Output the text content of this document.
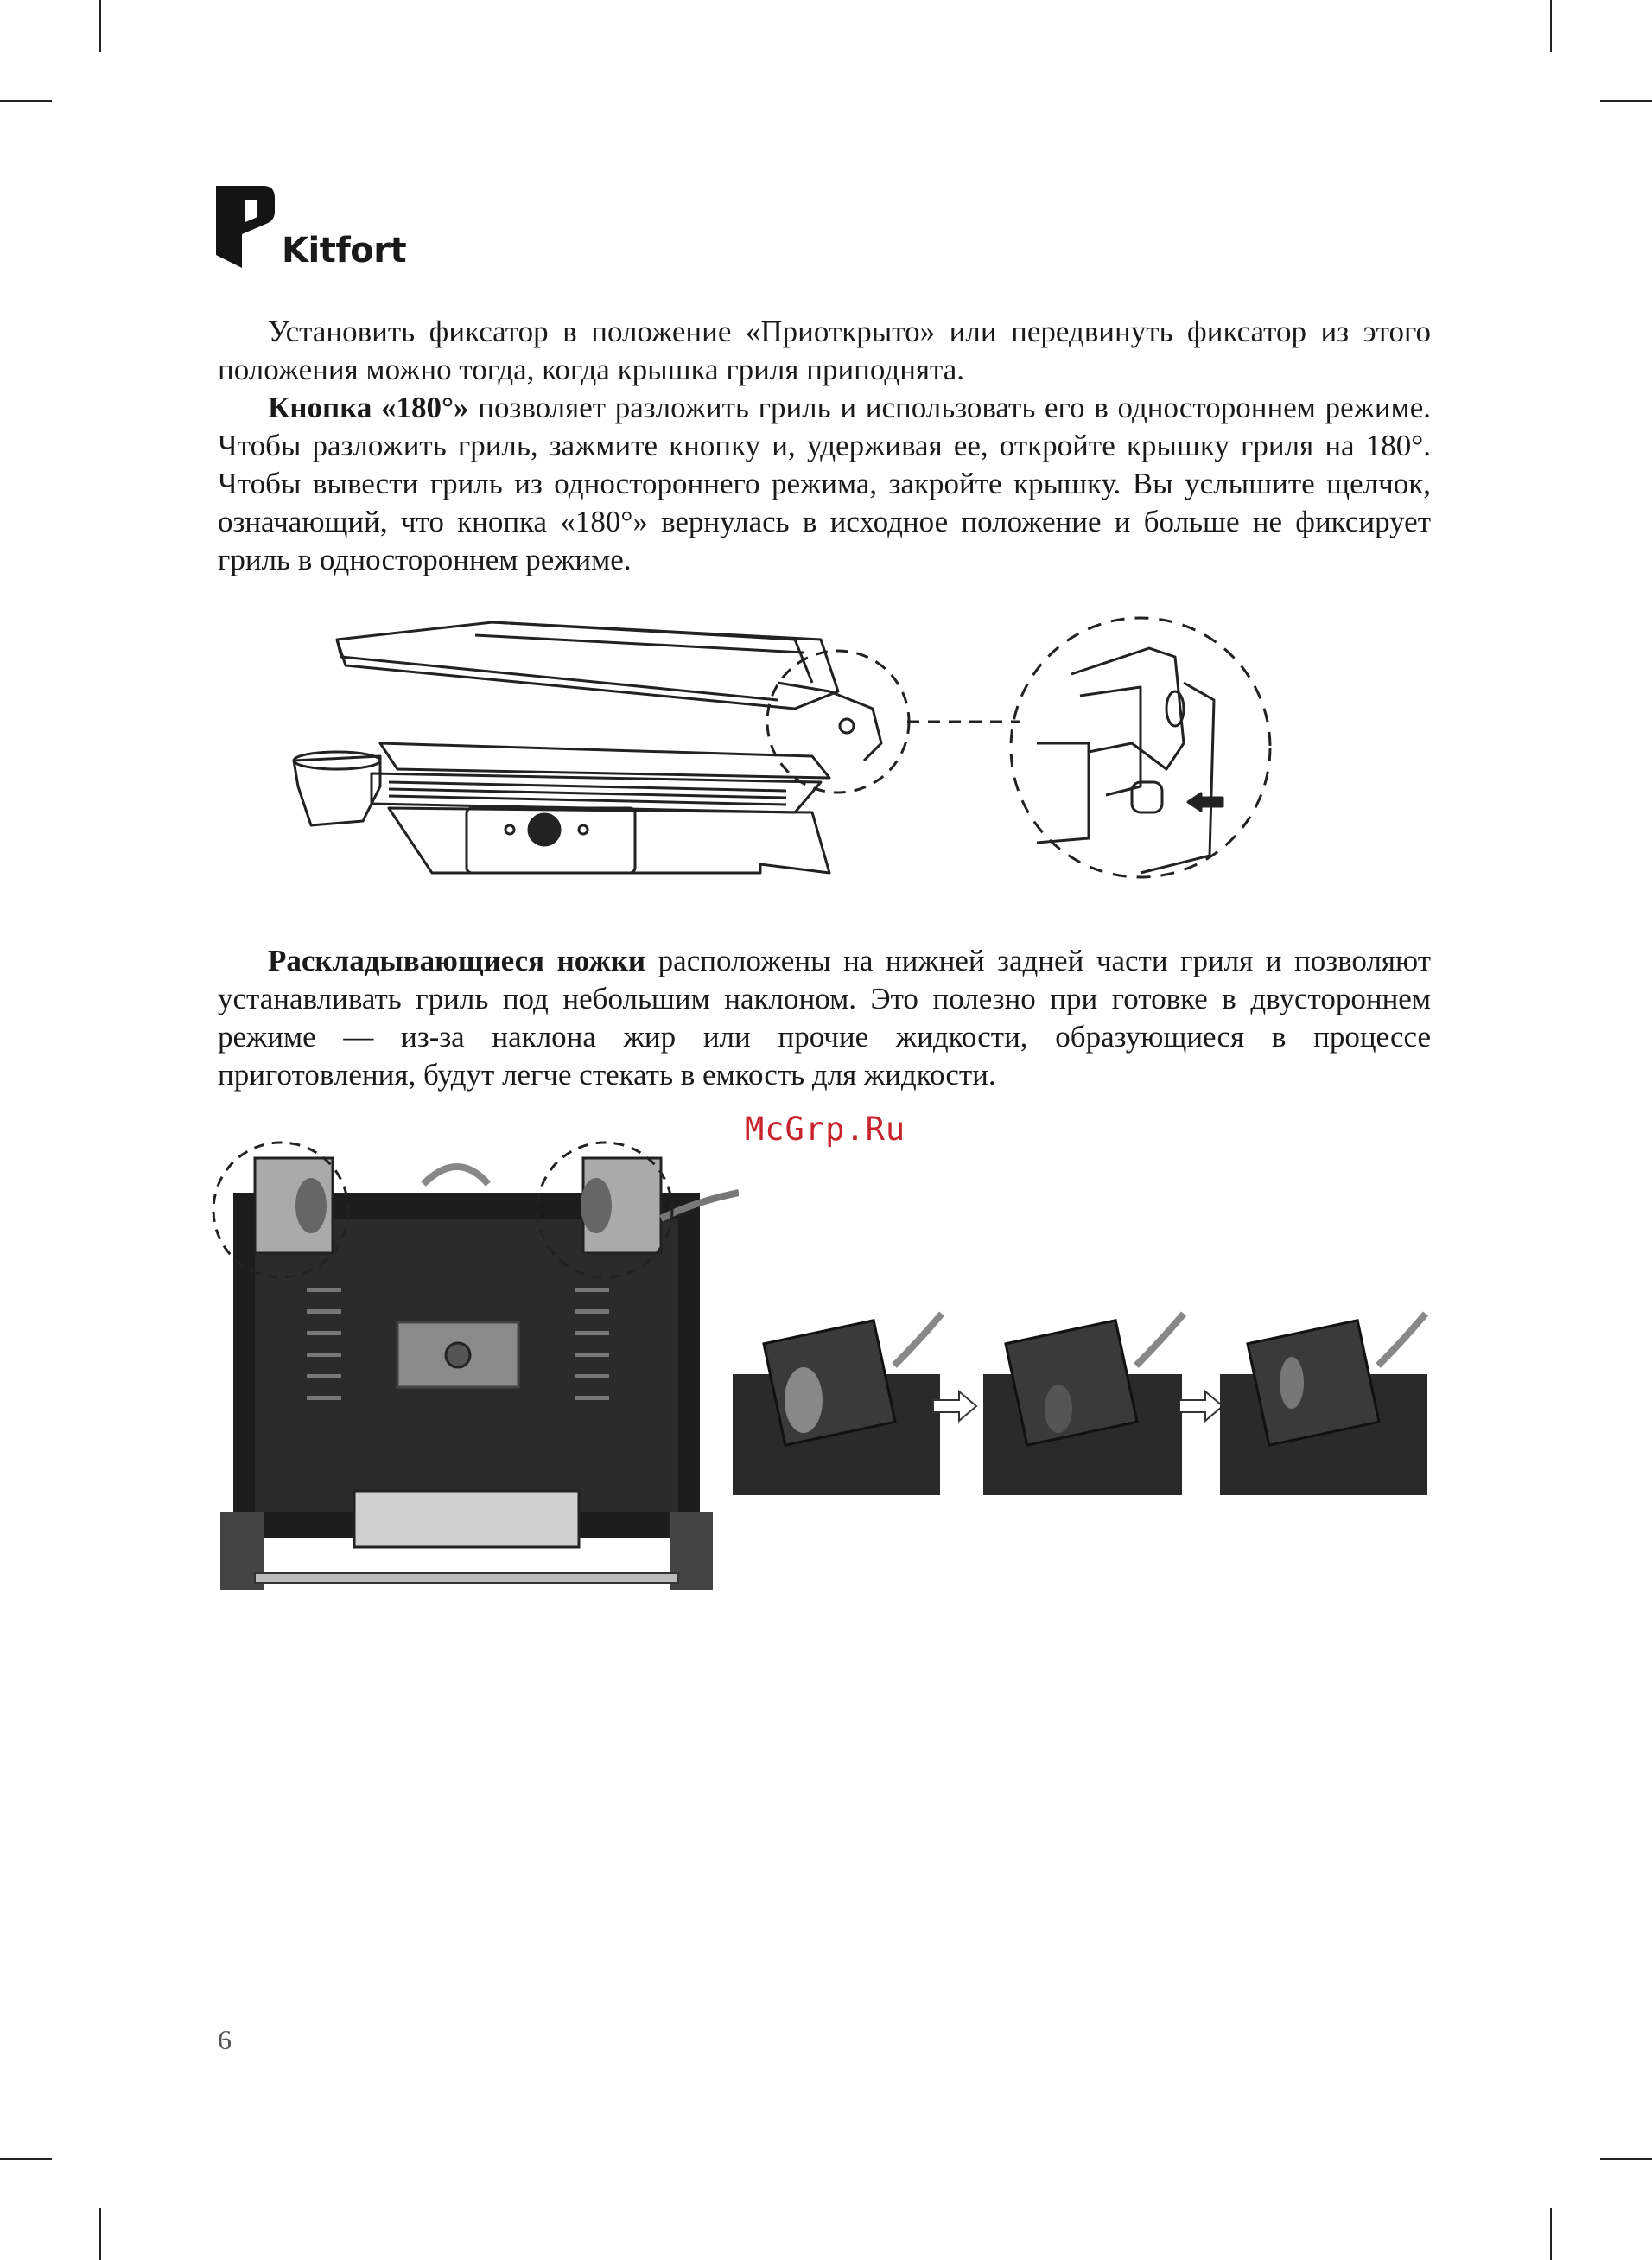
Kitfort

Установить фиксатор в положение «Приоткрыто» или передвинуть фиксатор из этого положения можно тогда, когда крышка гриля приподнята.

Кнопка «180°» позволяет разложить гриль и использовать его в одностороннем режиме. Чтобы разложить гриль, зажмите кнопку и, удерживая ее, откройте крышку гриля на 180°. Чтобы вывести гриль из одностороннего режима, закройте крышку. Вы услышите щелчок, означающий, что кнопка «180°» вернулась в исходное положение и больше не фиксирует гриль в одностороннем режиме.

Раскладывающиеся ножки расположены на нижней задней части гриля и позволяют устанавливать гриль под небольшим наклоном. Это полезно при готовке в двустороннем режиме — из-за наклона жир или прочие жидкости, образующиеся в процессе приготовления, будут легче стекать в емкость для жидкости.

McGrp.Ru
6
